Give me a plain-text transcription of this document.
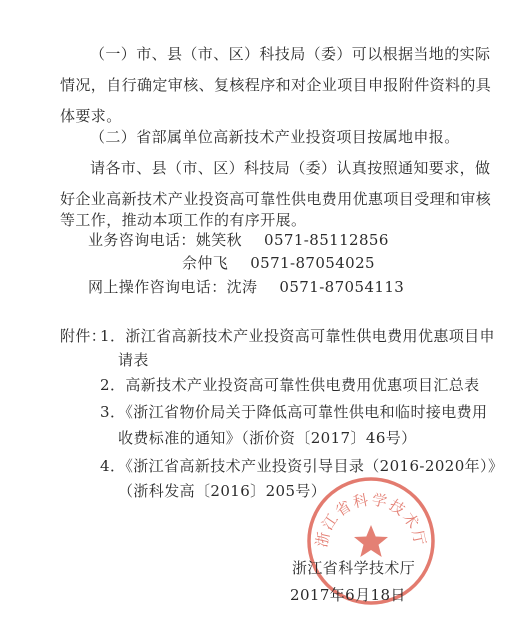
（一）市、县（市、区）科技局（委）可以根据当地的实际
情况，自行确定审核、复核程序和对企业项目申报附件资料的具
体要求。
（二）省部属单位高新技术产业投资项目按属地申报。
请各市、县（市、区）科技局（委）认真按照通知要求，做
好企业高新技术产业投资高可靠性供电费用优惠项目受理和审核
等工作，推动本项工作的有序开展。
业务咨询电话：姚笑秋 0571-85112856
佘仲飞 0571-87054025
网上操作咨询电话：沈涛 0571-87054113
附件：
1．浙江省高新技术产业投资高可靠性供电费用优惠项目申
请表
2．高新技术产业投资高可靠性供电费用优惠项目汇总表
3．《浙江省物价局关于降低高可靠性供电和临时接电费用
收费标准的通知》（浙价资〔2017〕46号）
4．《浙江省高新技术产业投资引导目录（2016-2020年）》
（浙科发高〔2016〕205号）
浙江省科学技术厅
浙江省科学技术厅
2017年6月18日
